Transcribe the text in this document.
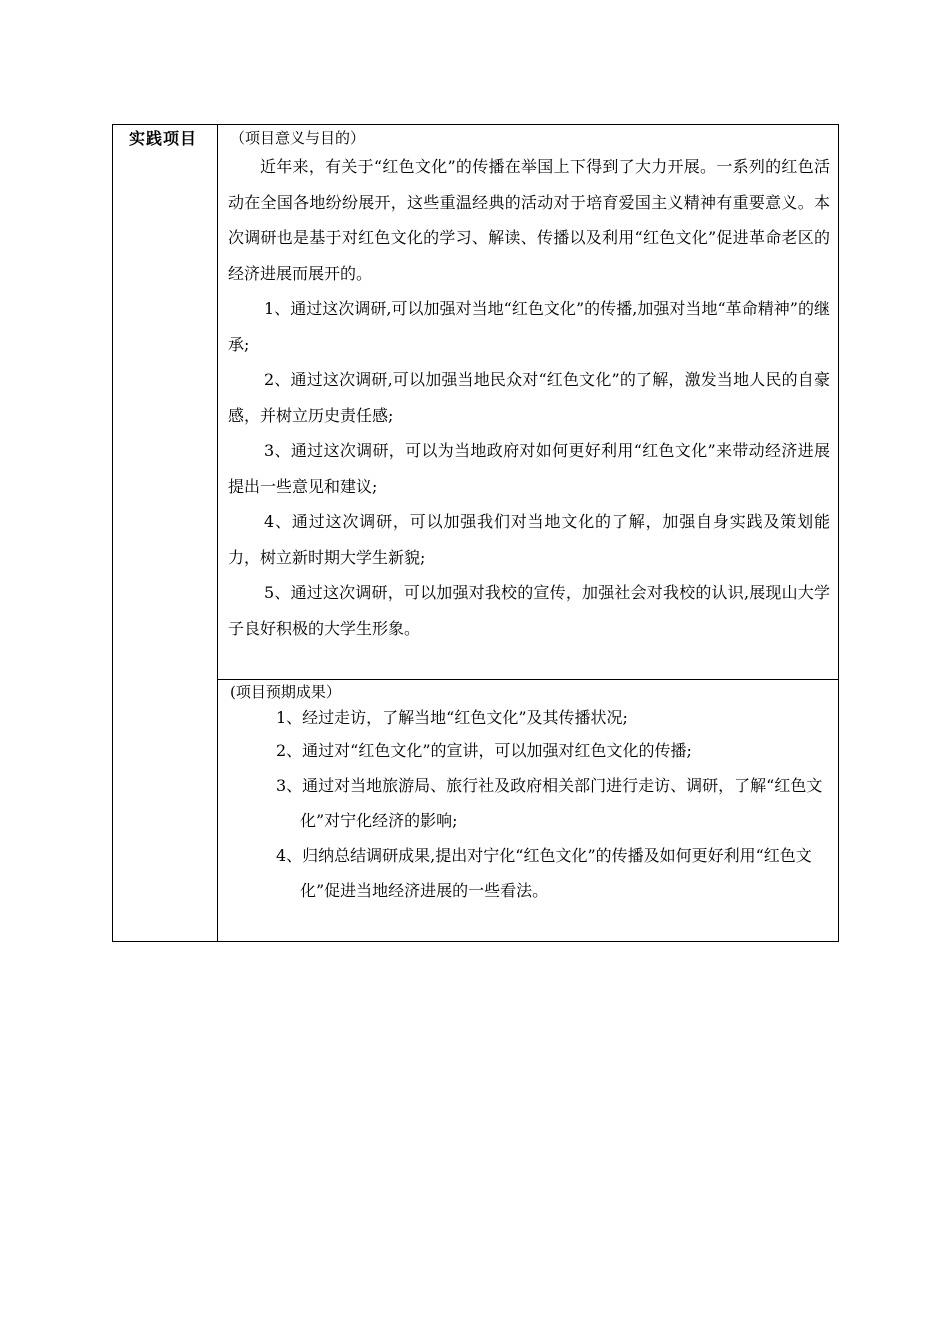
实践项目	（项目意义与目的）

近年来，有关于“红色文化”的传播在举国上下得到了大力开展。一系列的红色活动在全国各地纷纷展开，这些重温经典的活动对于培育爱国主义精神有重要意义。本次调研也是基于对红色文化的学习、解读、传播以及利用“红色文化”促进革命老区的经济进展而展开的。

1、通过这次调研,可以加强对当地“红色文化”的传播,加强对当地“革命精神”的继承;

2、通过这次调研,可以加强当地民众对“红色文化”的了解，激发当地人民的自豪感，并树立历史责任感;

3、通过这次调研，可以为当地政府对如何更好利用“红色文化”来带动经济进展提出一些意见和建议;

4、通过这次调研，可以加强我们对当地文化的了解，加强自身实践及策划能力，树立新时期大学生新貌;

5、通过这次调研，可以加强对我校的宣传，加强社会对我校的认识,展现山大学子良好积极的大学生形象。

(项目预期成果）

1、经过走访，了解当地“红色文化”及其传播状况;

2、通过对“红色文化”的宣讲，可以加强对红色文化的传播;

3、通过对当地旅游局、旅行社及政府相关部门进行走访、调研，了解“红色文化”对宁化经济的影响;

4、归纳总结调研成果,提出对宁化“红色文化”的传播及如何更好利用“红色文化”促进当地经济进展的一些看法。
